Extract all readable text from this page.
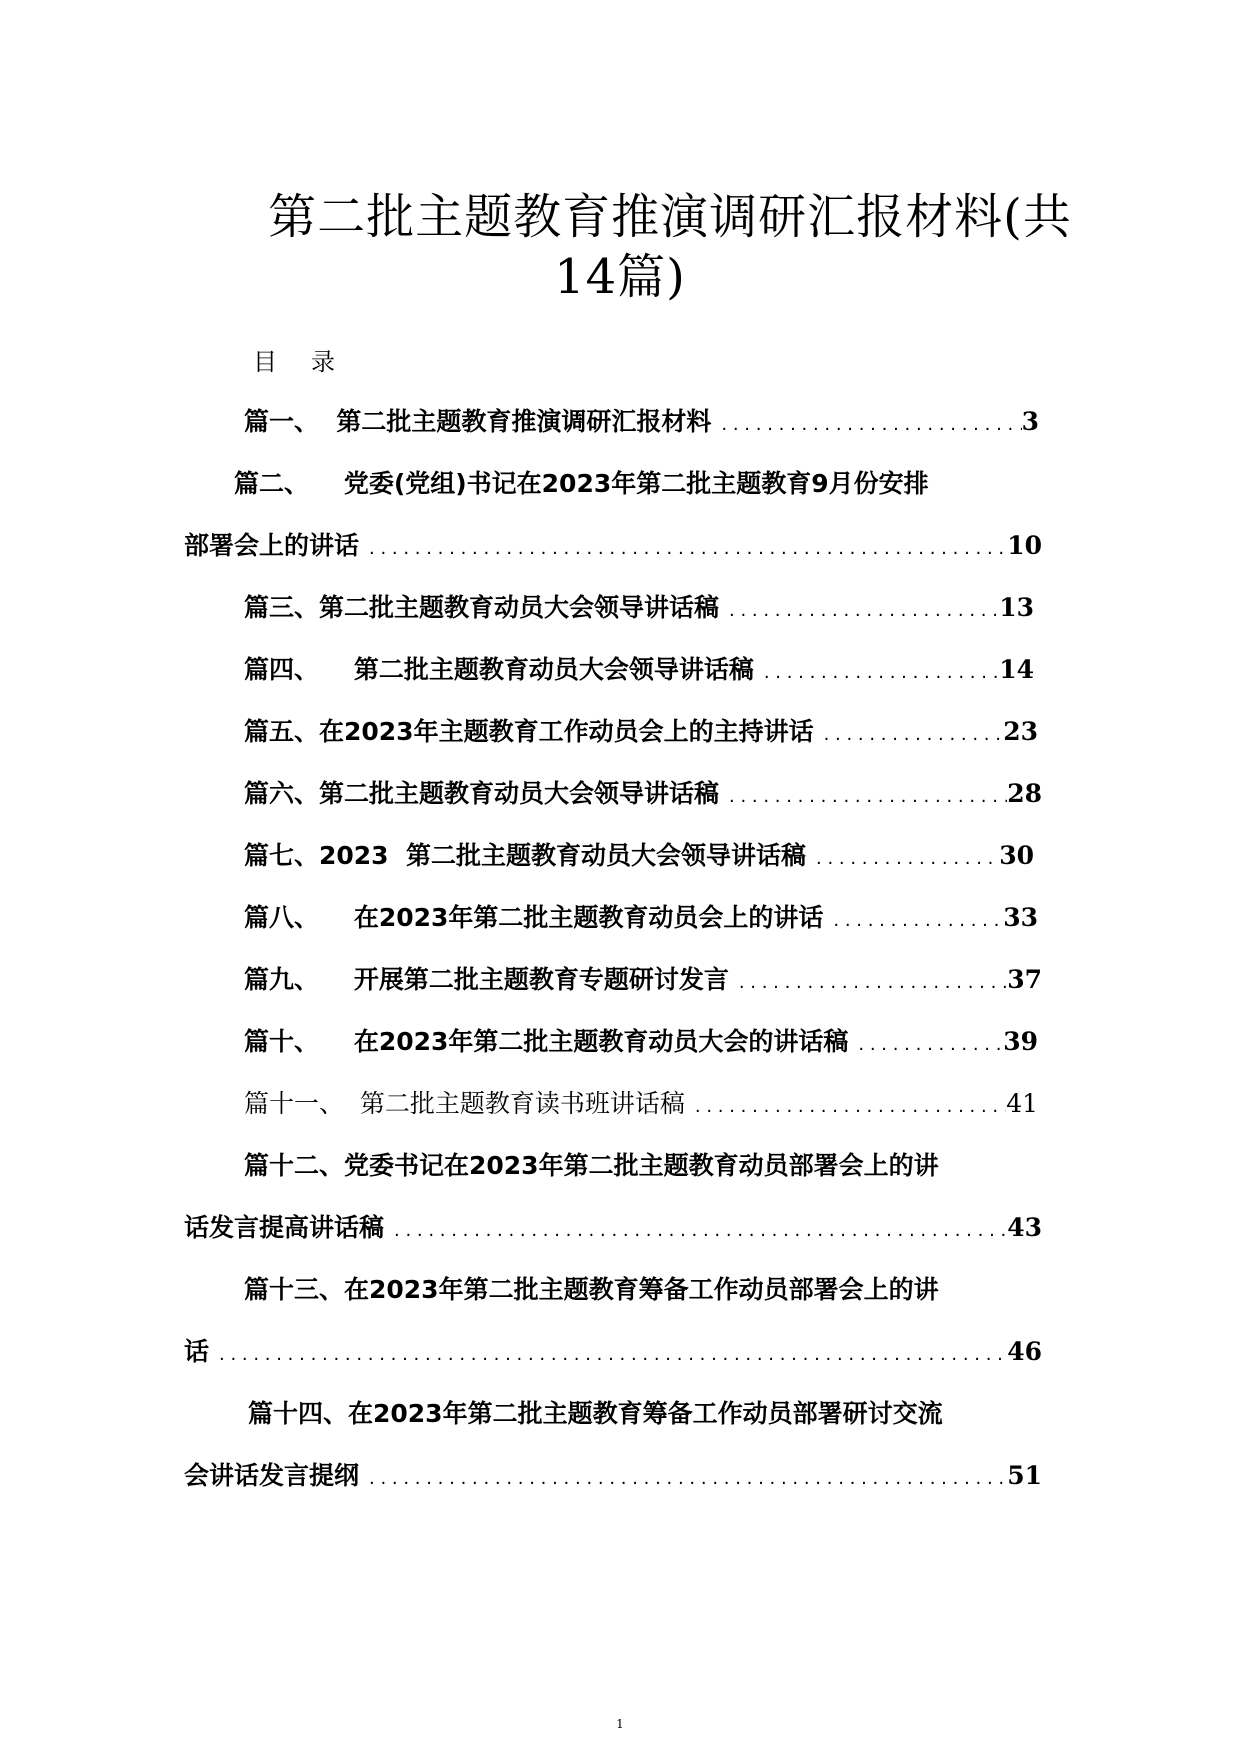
第二批主题教育推演调研汇报材料(共
14篇)
目 录
篇一、  第二批主题教育推演调研汇报材料 . . .	3
篇二、    党委(党组)书记在2023年第二批主题教育9月份安排
部署会上的讲话 . . .	10
篇三、第二批主题教育动员大会领导讲话稿 . . .	13
篇四、    第二批主题教育动员大会领导讲话稿 . . .	14
篇五、在2023年主题教育工作动员会上的主持讲话 . . .	23
篇六、第二批主题教育动员大会领导讲话稿 . . .	28
篇七、2023  第二批主题教育动员大会领导讲话稿 . . .	30
篇八、    在2023年第二批主题教育动员会上的讲话 . . .	33
篇九、    开展第二批主题教育专题研讨发言 . . .	37
篇十、    在2023年第二批主题教育动员大会的讲话稿 . . .	39
篇十一、  第二批主题教育读书班讲话稿 . . .	41
篇十二、党委书记在2023年第二批主题教育动员部署会上的讲
话发言提高讲话稿 . . .	43
篇十三、在2023年第二批主题教育筹备工作动员部署会上的讲
话 . . .	46
篇十四、在2023年第二批主题教育筹备工作动员部署研讨交流
会讲话发言提纲 . . .	51
1
